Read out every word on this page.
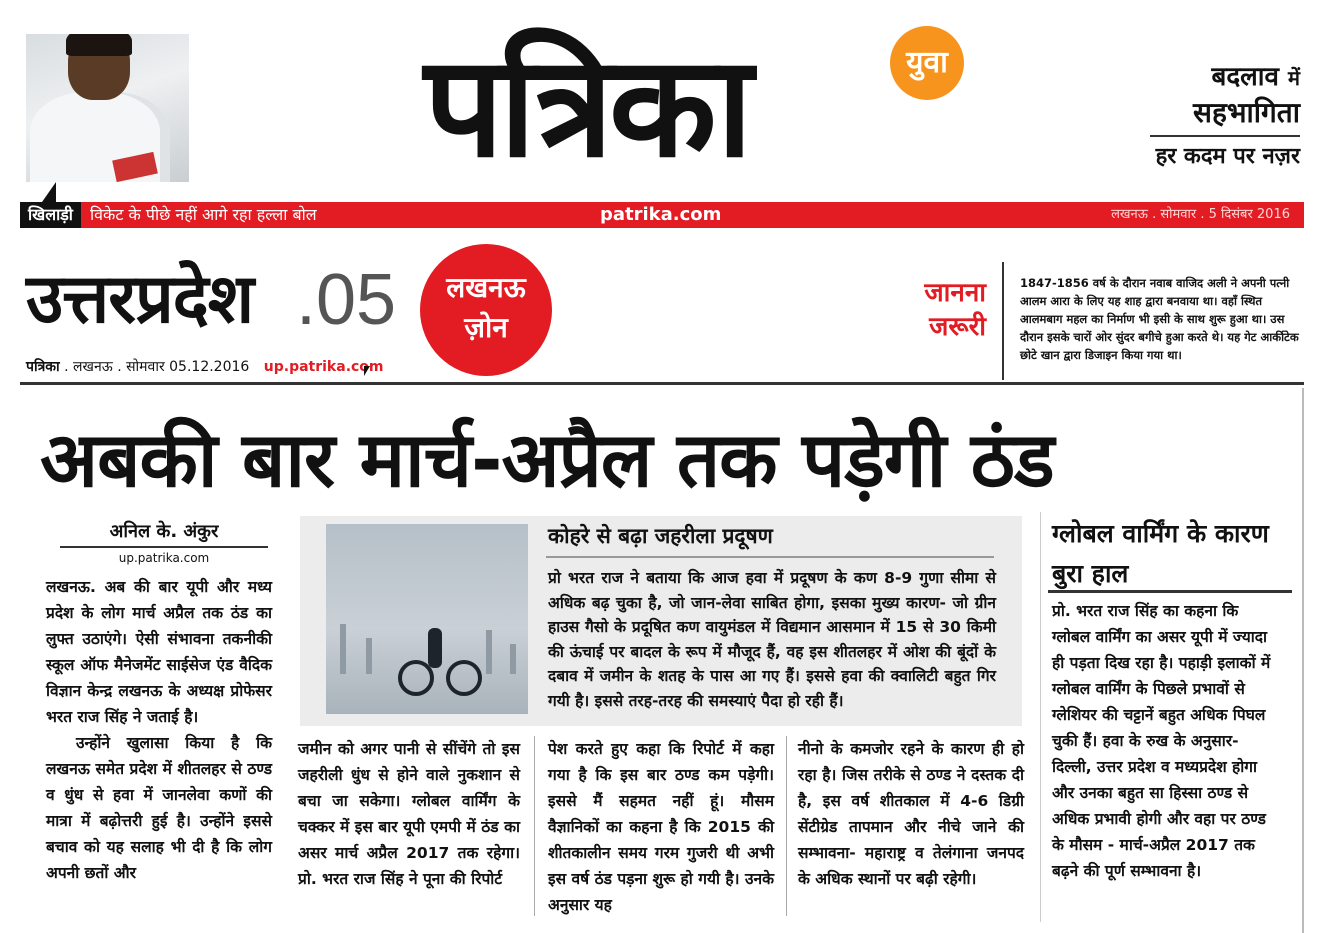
पत्रिका	युवा	बदलाव में
सहभागिता
हर कदम पर नज़र
खिलाड़ी	विकेट के पीछे नहीं आगे रहा हल्ला बोल	patrika.com	लखनऊ . सोमवार . 5 दिसंबर 2016
उत्तरप्रदेश .05	लखनऊ
ज़ोन
पत्रिका . लखनऊ . सोमवार 05.12.2016 up.patrika.com
जानना
जरूरी
1847-1856 वर्ष के दौरान नवाब वाजिद अली ने अपनी पत्नी आलम आरा के लिए यह शाह द्वारा बनवाया था। वहाँ स्थित आलमबाग महल का निर्माण भी इसी के साथ शुरू हुआ था। उस दौरान इसके चारों ओर सुंदर बगीचे हुआ करते थे। यह गेट आर्कीटेक छोटे खान द्वारा डिजाइन किया गया था।
अबकी बार मार्च-अप्रैल तक पड़ेगी ठंड
अनिल के. अंकुर
up.patrika.com
लखनऊ. अब की बार यूपी और मध्य प्रदेश के लोग मार्च अप्रैल तक ठंड का लुफ्त उठाएंगे। ऐसी संभावना तकनीकी स्कूल ऑफ मैनेजमेंट साईसेज एंड वैदिक विज्ञान केन्द्र लखनऊ के अध्यक्ष प्रोफेसर भरत राज सिंह ने जताई है।
उन्होंने खुलासा किया है कि लखनऊ समेत प्रदेश में शीतलहर से ठण्ड व धुंध से हवा में जानलेवा कणों की मात्रा में बढ़ोत्तरी हुई है। उन्होंने इससे बचाव को यह सलाह भी दी है कि लोग अपनी छतों और
कोहरे से बढ़ा जहरीला प्रदूषण
प्रो भरत राज ने बताया कि आज हवा में प्रदूषण के कण 8-9 गुणा सीमा से अधिक बढ़ चुका है, जो जान-लेवा साबित होगा, इसका मुख्य कारण- जो ग्रीन हाउस गैसो के प्रदूषित कण वायुमंडल में विद्यमान आसमान में 15 से 30 किमी की ऊंचाई पर बादल के रूप में मौजूद हैं, वह इस शीतलहर में ओश की बूंदों के दबाव में जमीन के शतह के पास आ गए हैं। इससे हवा की क्वालिटी बहुत गिर गयी है। इससे तरह-तरह की समस्याएं पैदा हो रही हैं।
जमीन को अगर पानी से सींचेंगे तो इस जहरीली धुंध से होने वाले नुकशान से बचा जा सकेगा। ग्लोबल वार्मिंग के चक्कर में इस बार यूपी एमपी में ठंड का असर मार्च अप्रैल 2017 तक रहेगा। प्रो. भरत राज सिंह ने पूना की रिपोर्ट
पेश करते हुए कहा कि रिपोर्ट में कहा गया है कि इस बार ठण्ड कम पड़ेगी। इससे मैं सहमत नहीं हूं। मौसम वैज्ञानिकों का कहना है कि 2015 की शीतकालीन समय गरम गुजरी थी अभी इस वर्ष ठंड पड़ना शुरू हो गयी है। उनके अनुसार यह
नीनो के कमजोर रहने के कारण ही हो रहा है। जिस तरीके से ठण्ड ने दस्तक दी है, इस वर्ष शीतकाल में 4-6 डिग्री सेंटीग्रेड तापमान और नीचे जाने की सम्भावना- महाराष्ट्र व तेलंगाना जनपद के अधिक स्थानों पर बढ़ी रहेगी।
ग्लोबल वार्मिंग के कारण बुरा हाल
प्रो. भरत राज सिंह का कहना कि ग्लोबल वार्मिंग का असर यूपी में ज्यादा ही पड़ता दिख रहा है। पहाड़ी इलाकों में ग्लोबल वार्मिंग के पिछले प्रभावों से ग्लेशियर की चट्टानें बहुत अधिक पिघल चुकी हैं। हवा के रुख के अनुसार- दिल्ली, उत्तर प्रदेश व मध्यप्रदेश होगा और उनका बहुत सा हिस्सा ठण्ड से अधिक प्रभावी होगी और वहा पर ठण्ड के मौसम - मार्च-अप्रैल 2017 तक बढ़ने की पूर्ण सम्भावना है।
